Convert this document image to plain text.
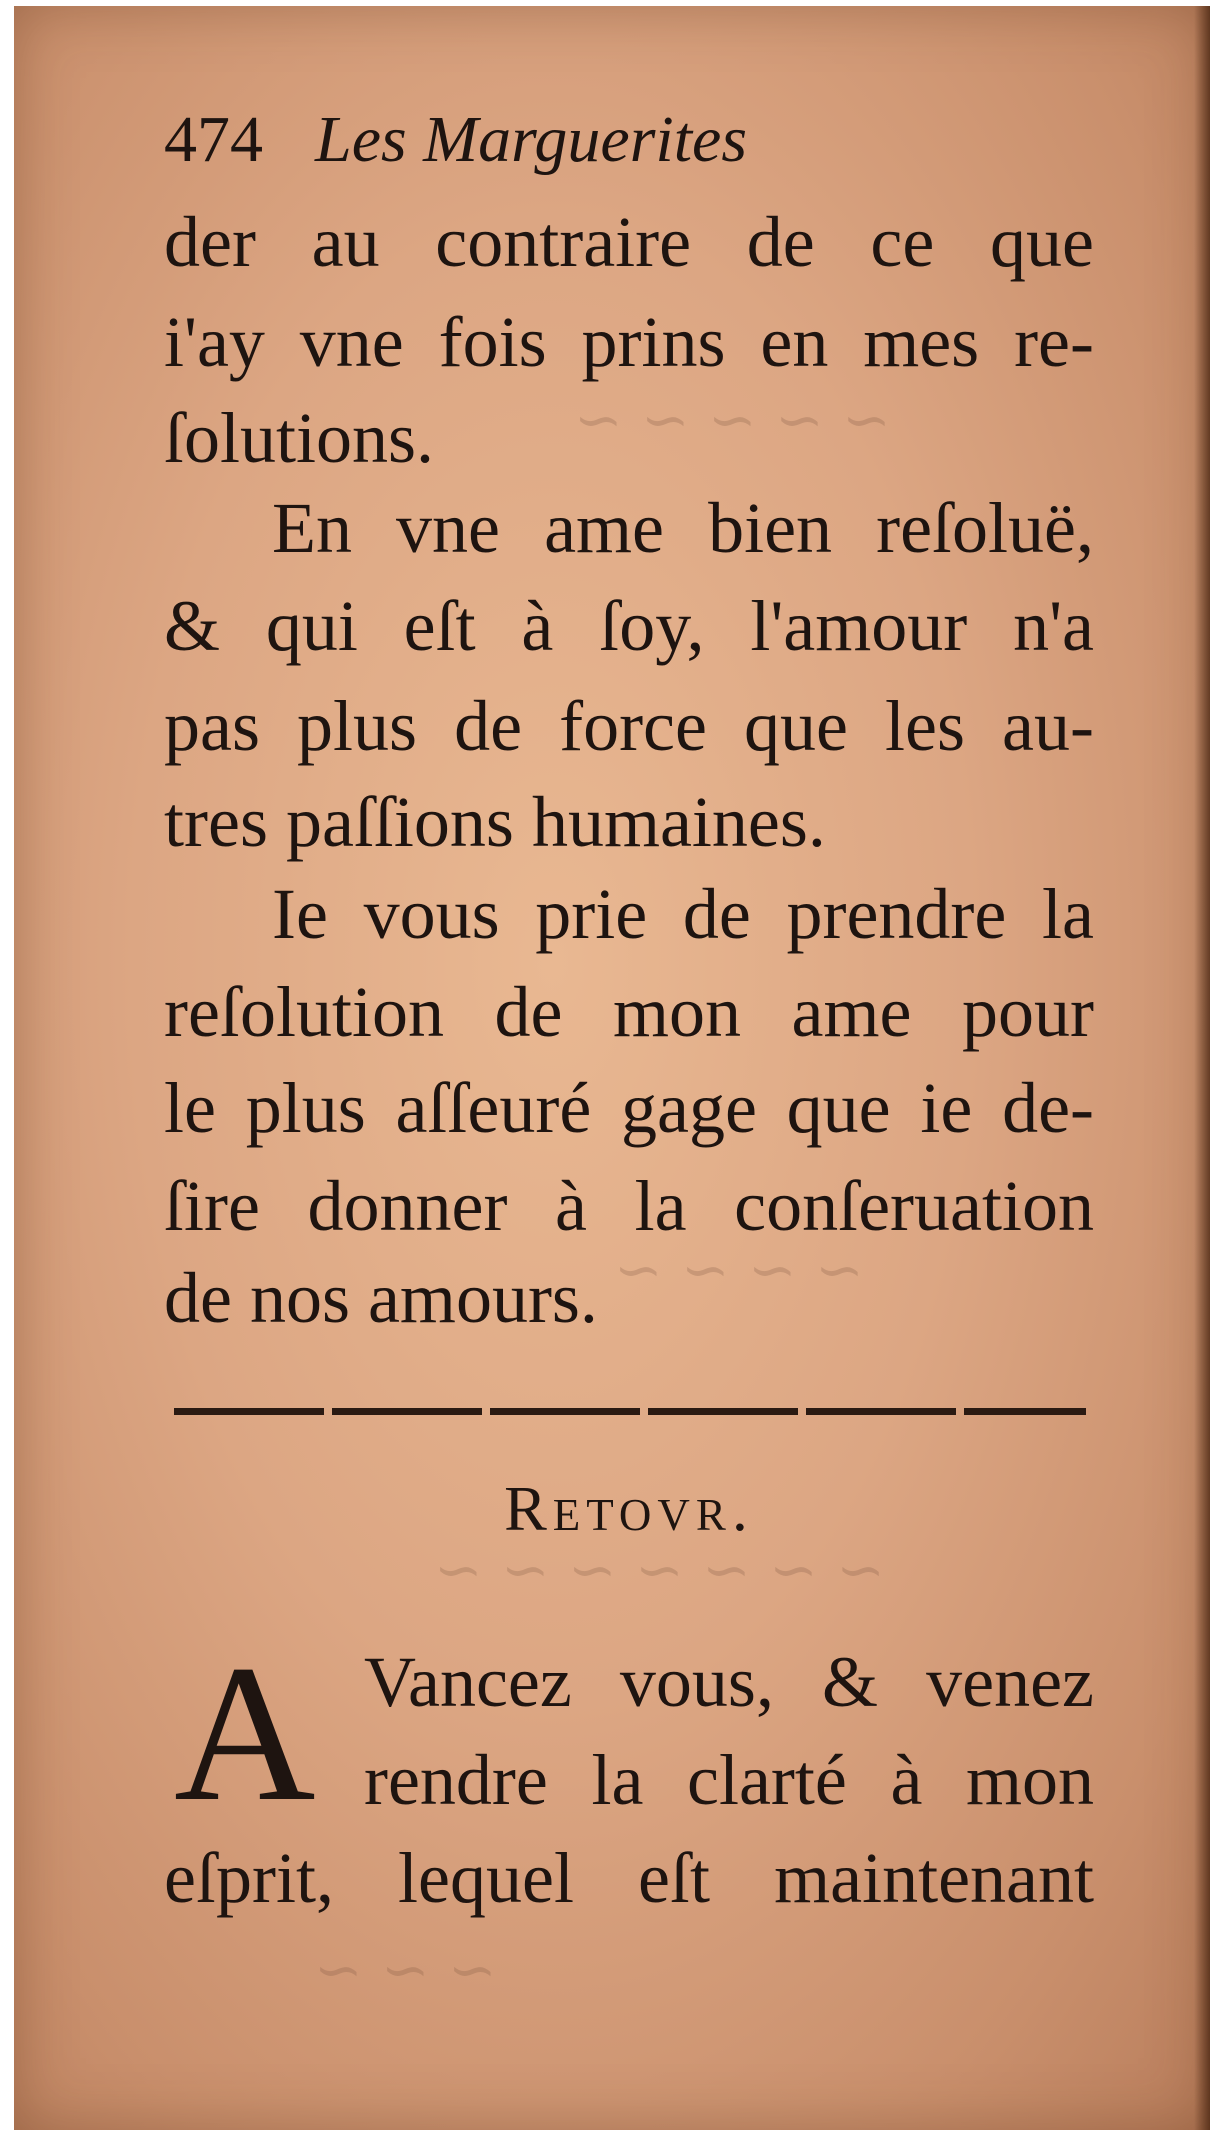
~ ~ ~ ~ ~
~ ~ ~ ~
~ ~ ~ ~ ~ ~ ~
~ ~ ~
474 Les Marguerites
der au contraire de ce que
i'ay vne fois prins en mes re-
ſolutions.
En vne ame bien reſoluë,
& qui eſt à ſoy, l'amour n'a
pas plus de force que les au-
tres paſſions humaines.
Ie vous prie de prendre la
reſolution de mon ame pour
le plus aſſeuré gage que ie de-
ſire donner à la conſeruation
de nos amours.
Retovr.
A Vancez vous, & venez
rendre la clarté à mon
eſprit, lequel eſt maintenant
